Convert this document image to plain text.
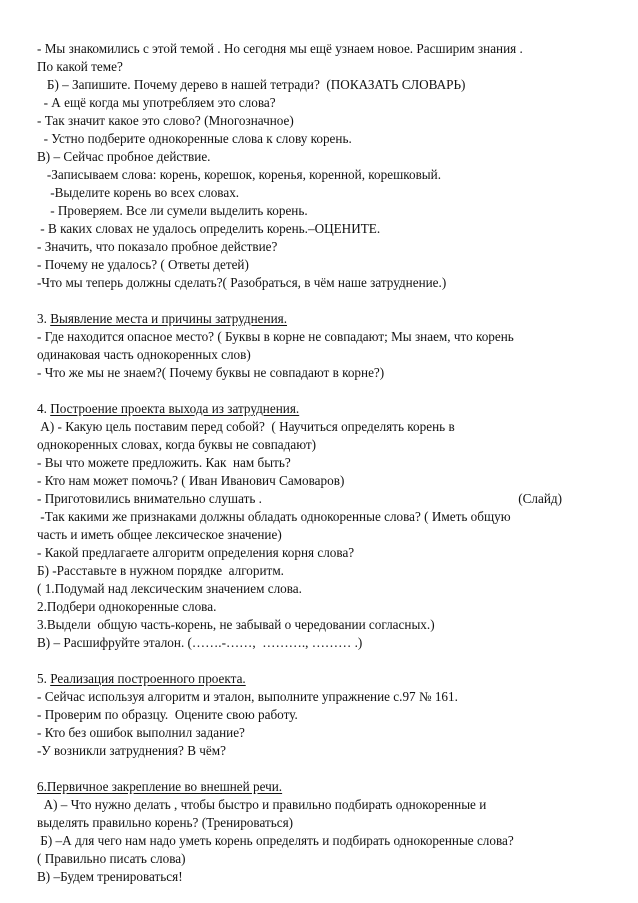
- Мы знакомились с этой темой . Но сегодня мы ещё узнаем новое. Расширим знания .
По какой теме?
Б) – Запишите. Почему дерево в нашей тетради?  (ПОКАЗАТЬ СЛОВАРЬ)
- А ещё когда мы употребляем это слова?
- Так значит какое это слово? (Многозначное)
- Устно подберите однокоренные слова к слову корень.
В) – Сейчас пробное действие.
-Записываем слова: корень, корешок, коренья, коренной, корешковый.
-Выделите корень во всех словах.
- Проверяем. Все ли сумели выделить корень.
- В каких словах не удалось определить корень.–ОЦЕНИТЕ.
- Значить, что показало пробное действие?
- Почему не удалось? ( Ответы детей)
-Что мы теперь должны сделать?( Разобраться, в чём наше затруднение.)
3. Выявление места и причины затруднения.
- Где находится опасное место? ( Буквы в корне не совпадают; Мы знаем, что корень
одинаковая часть однокоренных слов)
- Что же мы не знаем?( Почему буквы не совпадают в корне?)
4. Построение проекта выхода из затруднения.
А) - Какую цель поставим перед собой?  ( Научиться определять корень в
однокоренных словах, когда буквы не совпадают)
- Вы что можете предложить. Как  нам быть?
- Кто нам может помочь? ( Иван Иванович Самоваров)
- Приготовились внимательно слушать .	(Слайд)
-Так какими же признаками должны обладать однокоренные слова? ( Иметь общую
часть и иметь общее лексическое значение)
- Какой предлагаете алгоритм определения корня слова?
Б) -Расставьте в нужном порядке  алгоритм.
( 1.Подумай над лексическим значением слова.
2.Подбери однокоренные слова.
3.Выдели  общую часть-корень, не забывай о чередовании согласных.)
В) – Расшифруйте эталон. (…….-……,  ………., ……… .)
5. Реализация построенного проекта.
- Сейчас используя алгоритм и эталон, выполните упражнение с.97 № 161.
- Проверим по образцу.  Оцените свою работу.
- Кто без ошибок выполнил задание?
-У возникли затруднения? В чём?
6.Первичное закрепление во внешней речи.
А) – Что нужно делать , чтобы быстро и правильно подбирать однокоренные и
выделять правильно корень? (Тренироваться)
Б) –А для чего нам надо уметь корень определять и подбирать однокоренные слова?
( Правильно писать слова)
В) –Будем тренироваться!
